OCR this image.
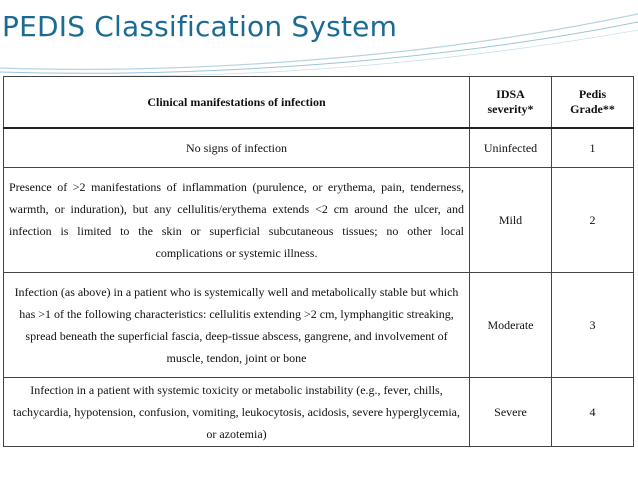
PEDIS Classification System
Clinical manifestations of infection	IDSA severity*	Pedis Grade**
No signs of infection	Uninfected	1
Presence of >2 manifestations of inflammation (purulence, or erythema, pain, tenderness, warmth, or induration), but any cellulitis/erythema extends <2 cm around the ulcer, and infection is limited to the skin or superficial subcutaneous tissues; no other local complications or systemic illness.	Mild	2
Infection (as above) in a patient who is systemically well and metabolically stable but which has >1 of the following characteristics: cellulitis extending >2 cm, lymphangitic streaking, spread beneath the superficial fascia, deep-tissue abscess, gangrene, and involvement of muscle, tendon, joint or bone	Moderate	3
Infection in a patient with systemic toxicity or metabolic instability (e.g., fever, chills, tachycardia, hypotension, confusion, vomiting, leukocytosis, acidosis, severe hyperglycemia, or azotemia)	Severe	4
